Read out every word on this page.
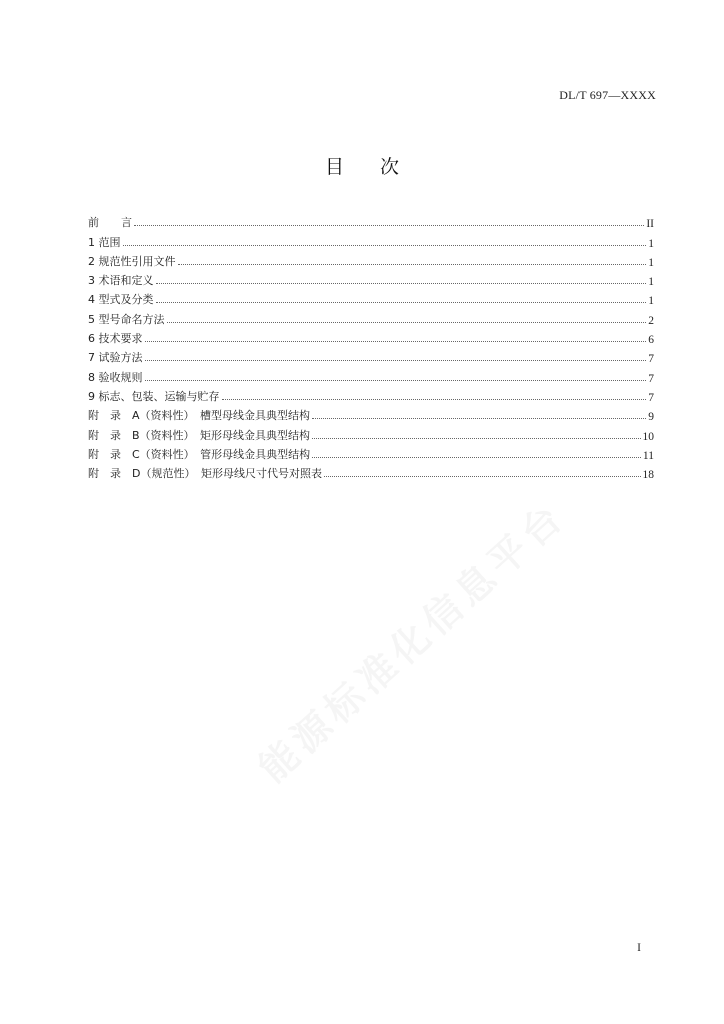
DL/T 697—XXXX
目次
前　　言	II
1 范围	1
2 规范性引用文件	1
3 术语和定义	1
4 型式及分类	1
5 型号命名方法	2
6 技术要求	6
7 试验方法	7
8 验收规则	7
9 标志、包装、运输与贮存	7
附　录　A（资料性）　槽型母线金具典型结构	9
附　录　B（资料性）　矩形母线金具典型结构	10
附　录　C（资料性）　管形母线金具典型结构	11
附　录　D（规范性）　矩形母线尺寸代号对照表	18
能源标准化信息平台
I
